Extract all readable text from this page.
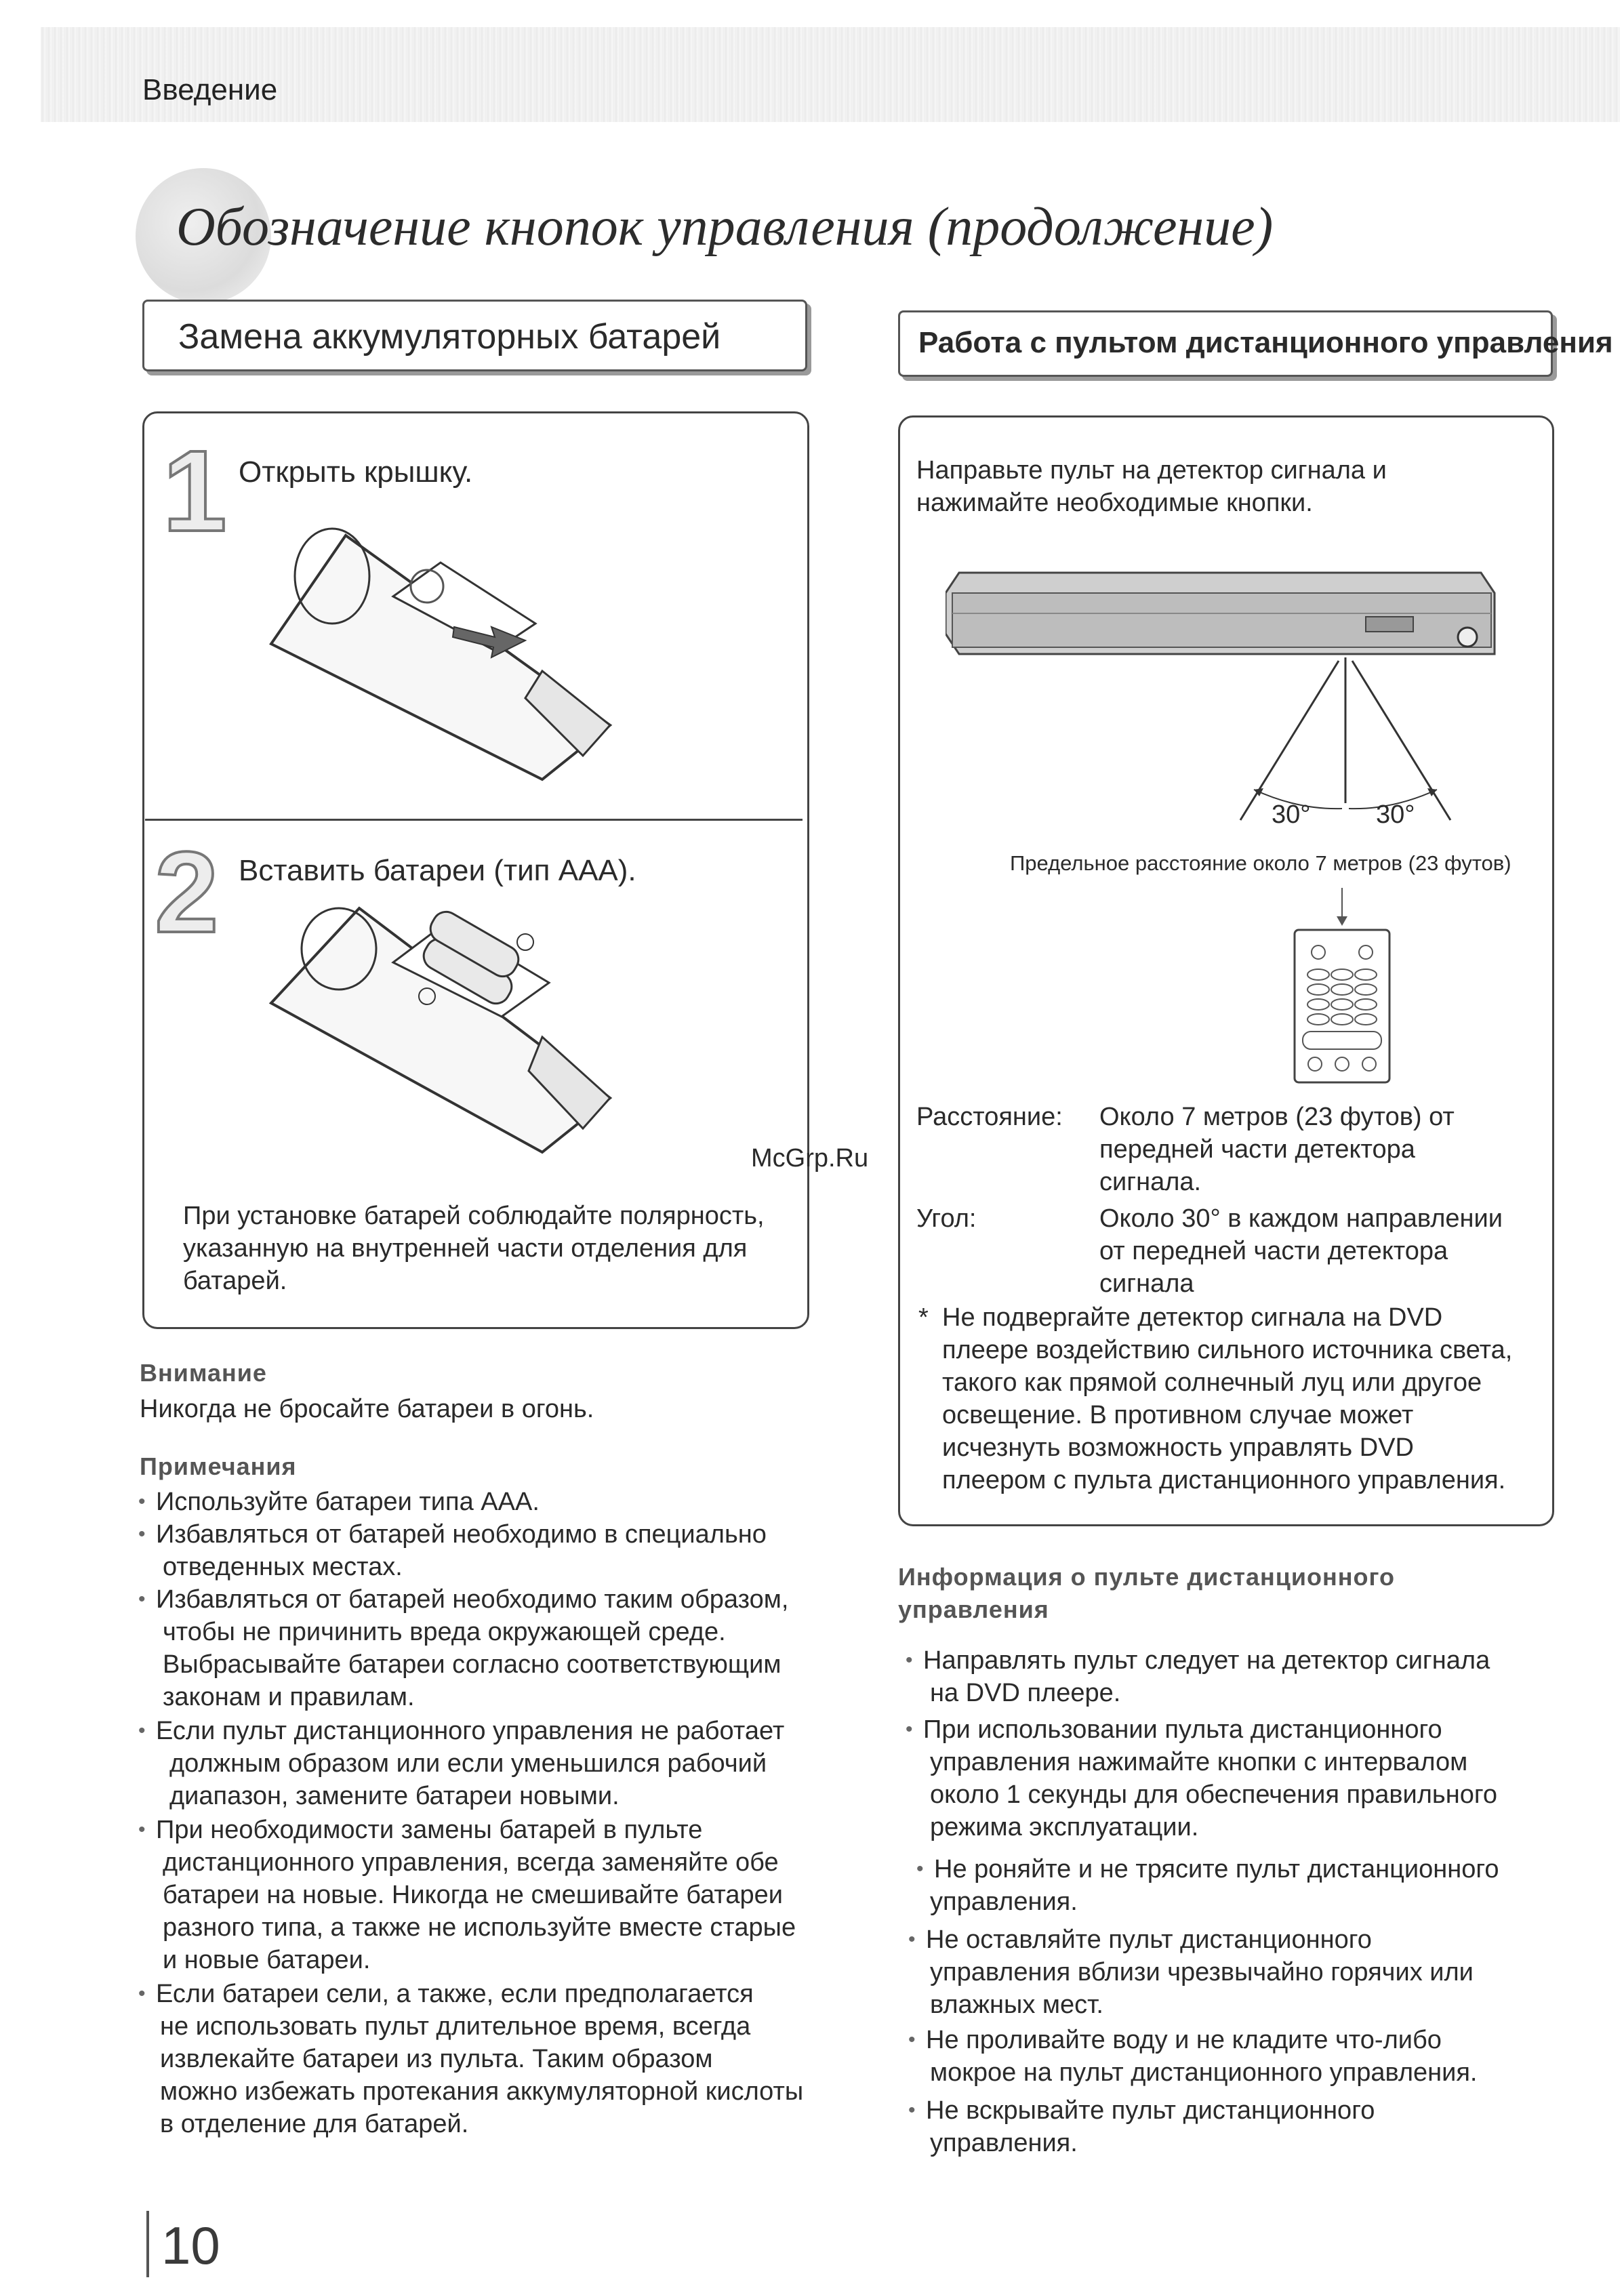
Введение
Обозначение кнопок управления (продолжение)
Замена аккумуляторных батарей	Работа с пультом дистанционного управления
1 Открыть крышку.
2 Вставить батареи (тип ААА).
При установке батарей соблюдайте полярность,
указанную на внутренней части отделения для
батарей.
Внимание
Никогда не бросайте батареи в огонь.
Примечания
• Используйте батареи типа ААА.
• Избавляться от батарей необходимо в специально
отведенных местах.
• Избавляться от батарей необходимо таким образом,
чтобы не причинить вреда окружающей среде.
Выбрасывайте батареи согласно соответствующим
законам и правилам.
• Если пульт дистанционного управления не работает
должным образом или если уменьшился рабочий
диапазон, замените батареи новыми.
• При необходимости замены батарей в пульте
дистанционного управления, всегда заменяйте обе
батареи на новые. Никогда не смешивайте батареи
разного типа, а также не используйте вместе старые
и новые батареи.
• Если батареи сели, а также, если предполагается
не использовать пульт длительное время, всегда
извлекайте батареи из пульта. Таким образом
можно избежать протекания аккумуляторной кислоты
в отделение для батарей.
Направьте пульт на детектор сигнала и
нажимайте необходимые кнопки.
30°	30°
Предельное расстояние около 7 метров (23 футов)
Расстояние: Около 7 метров (23 футов) от
передней части детектора
сигнала.
Угол:	Около 30° в каждом направлении
от передней части детектора
сигнала
* Не подвергайте детектор сигнала на DVD
плеере воздействию сильного источника света,
такого как прямой солнечный луц или другое
освещение. В противном случае может
исчезнуть возможность управлять DVD
плеером с пульта дистанционного управления.
Информация о пульте дистанционного
управления
• Направлять пульт следует на детектор сигнала
на DVD плеере.
• При использовании пульта дистанционного
управления нажимайте кнопки с интервалом
около 1 секунды для обеспечения правильного
режима эксплуатации.
• Не роняйте и не трясите пульт дистанционного
управления.
• Не оставляйте пульт дистанционного
управления вблизи чрезвычайно горячих или
влажных мест.
• Не проливайте воду и не кладите что-либо
мокрое на пульт дистанционного управления.
• Не вскрывайте пульт дистанционного
управления.
McGrp.Ru
10
